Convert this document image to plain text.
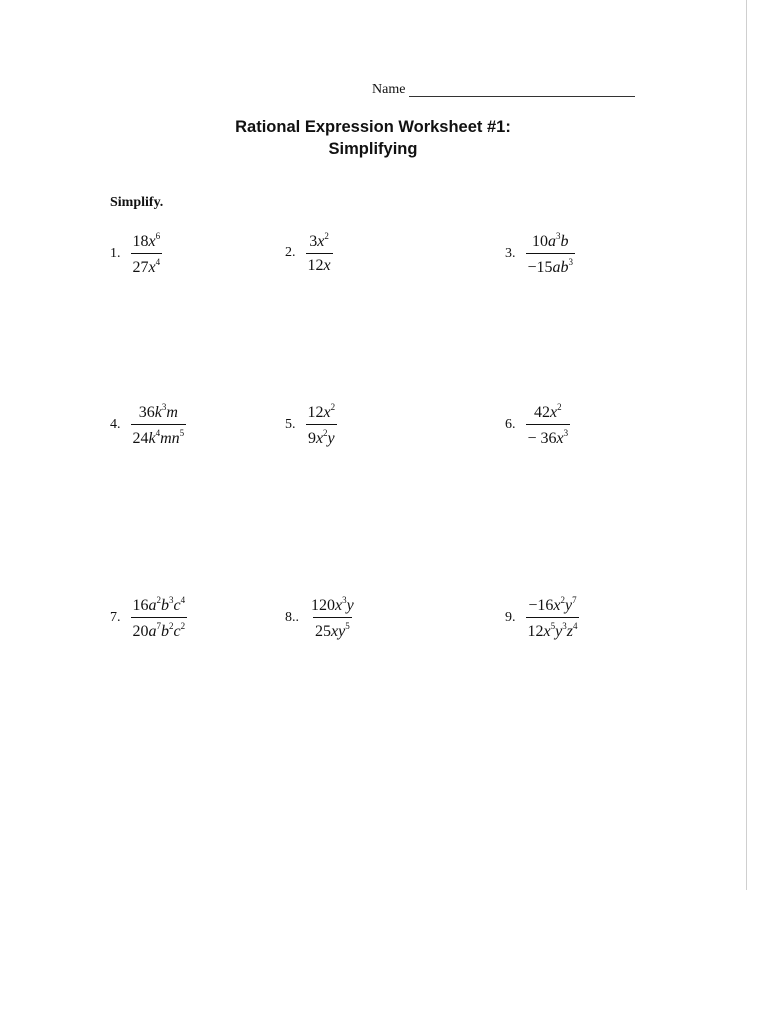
Name
Rational Expression Worksheet #1:
Simplifying
Simplify.
1. $\frac{18x^6}{27x^4}$	2. $\frac{3x^2}{12x}$	3. $\frac{10a^3b}{-15ab^3}$
4. $\frac{36k^3m}{24k^4mn^5}$	5. $\frac{12x^2}{9x^2y}$	6. $\frac{42x^2}{- 36x^3}$
7. $\frac{16a^2b^3c^4}{20a^7b^2c^2}$	8.. $\frac{120x^3y}{25xy^5}$	9. $\frac{-16x^2y^7}{12x^5y^3z^4}$
